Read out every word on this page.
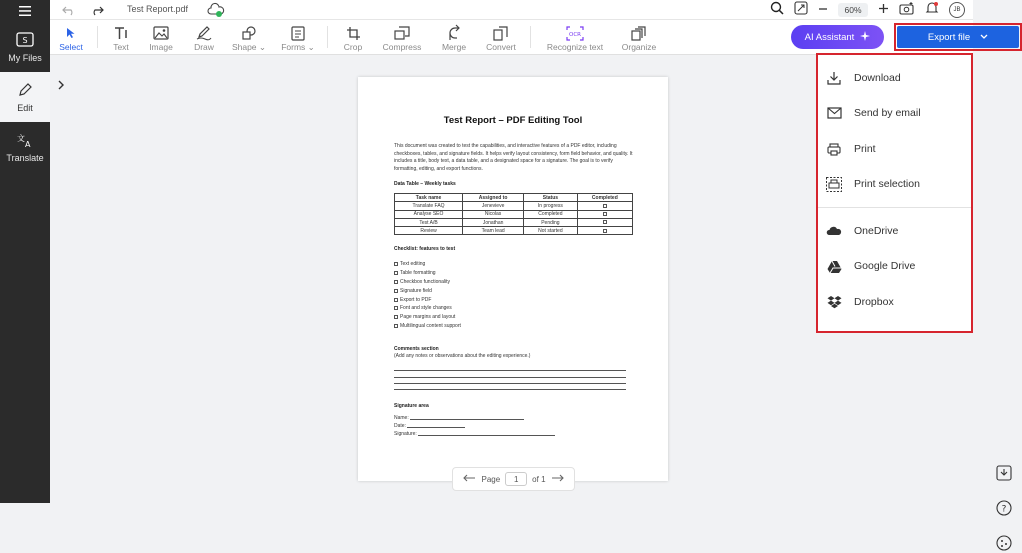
S
My Files
Edit
文
A
Translate
Test Report.pdf	60%	JB
Select	Text Image	Draw Shape ⌄ Forms ⌄	Crop Compress Merge Convert
OCR
Recognize text Organize
AI Assistant	Export file
Test Report – PDF Editing Tool
This document was created to test the capabilities, and interactive features of a PDF editor, including checkboxes, tables, and signature fields. It helps verify layout consistency, form field behavior, and quality. It includes a title, body text, a data table, and a designated space for a signature. The goal is to verify formatting, editing, and export functions.
Data Table – Weekly tasks
Task name	Assigned to	Status	Completed
Translate FAQ	Jenevieve	In progress	
Analyse SEO	Nicolas	Completed	
Test A/B	Jonathan	Pending	
Review	Team lead	Not started	
Checklist: features to test
Text editing
Table formatting
Checkbox functionality
Signature field
Export to PDF
Font and style changes
Page margins and layout
Multilingual content support
Comments section
(Add any notes or observations about the editing experience.)
Signature area
Name:
Date:
Signature:
Page	1	of 1
?
Download
Send by email
Print
Print selection
OneDrive
Google Drive
Dropbox
